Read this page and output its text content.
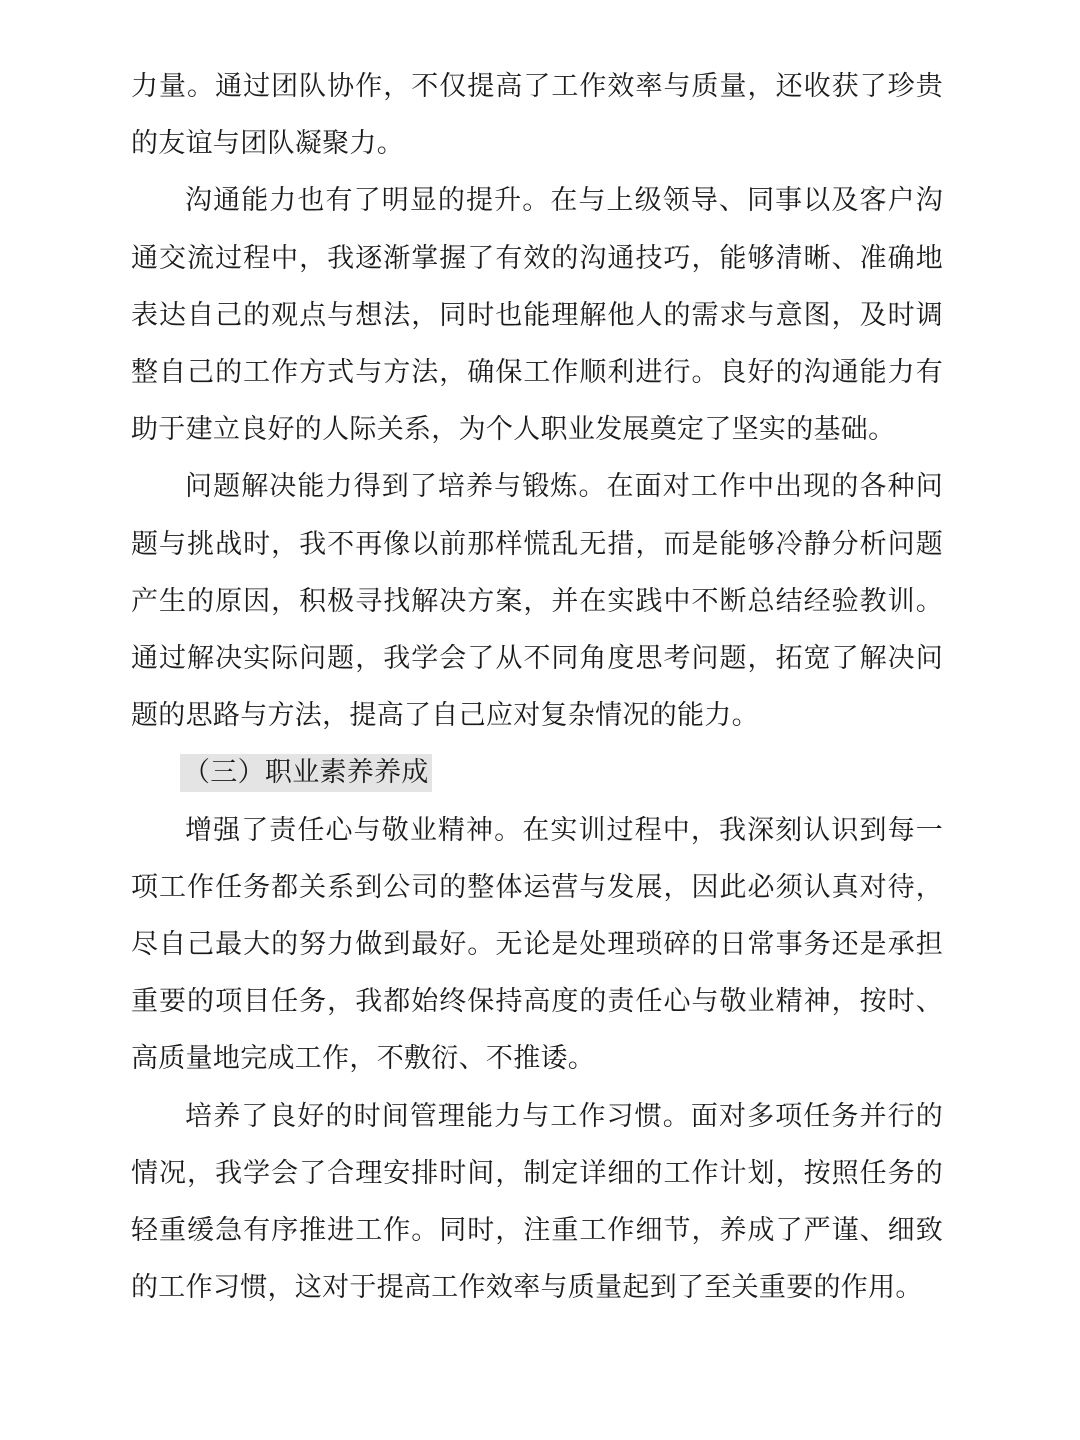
力量。通过团队协作，不仅提高了工作效率与质量，还收获了珍贵的友谊与团队凝聚力。

沟通能力也有了明显的提升。在与上级领导、同事以及客户沟通交流过程中，我逐渐掌握了有效的沟通技巧，能够清晰、准确地表达自己的观点与想法，同时也能理解他人的需求与意图，及时调整自己的工作方式与方法，确保工作顺利进行。良好的沟通能力有助于建立良好的人际关系，为个人职业发展奠定了坚实的基础。

问题解决能力得到了培养与锻炼。在面对工作中出现的各种问题与挑战时，我不再像以前那样慌乱无措，而是能够冷静分析问题产生的原因，积极寻找解决方案，并在实践中不断总结经验教训。通过解决实际问题，我学会了从不同角度思考问题，拓宽了解决问题的思路与方法，提高了自己应对复杂情况的能力。

（三）职业素养养成

增强了责任心与敬业精神。在实训过程中，我深刻认识到每一项工作任务都关系到公司的整体运营与发展，因此必须认真对待，尽自己最大的努力做到最好。无论是处理琐碎的日常事务还是承担重要的项目任务，我都始终保持高度的责任心与敬业精神，按时、高质量地完成工作，不敷衍、不推诿。

培养了良好的时间管理能力与工作习惯。面对多项任务并行的情况，我学会了合理安排时间，制定详细的工作计划，按照任务的轻重缓急有序推进工作。同时，注重工作细节，养成了严谨、细致的工作习惯，这对于提高工作效率与质量起到了至关重要的作用。
